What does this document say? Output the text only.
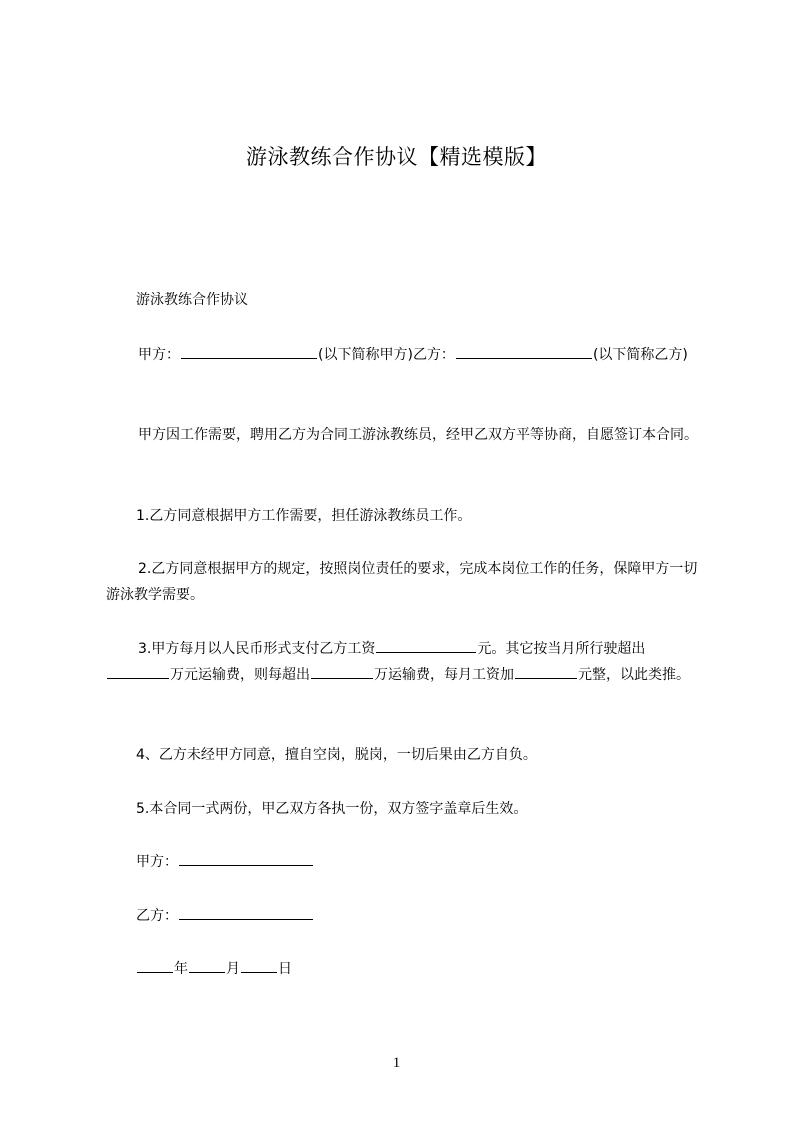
游泳教练合作协议【精选模版】

游泳教练合作协议

甲方：	(以下简称甲方)乙方：	(以下简称乙方)

甲方因工作需要，聘用乙方为合同工游泳教练员，经甲乙双方平等协商，自愿签订本合同。

1.乙方同意根据甲方工作需要，担任游泳教练员工作。

2.乙方同意根据甲方的规定，按照岗位责任的要求，完成本岗位工作的任务，保障甲方一切游泳教学需要。

3.甲方每月以人民币形式支付乙方工资	元。其它按当月所行驶超出万元运输费，则每超出	万运输费，每月工资加	元整，以此类推。

4、乙方未经甲方同意，擅自空岗，脱岗，一切后果由乙方自负。

5.本合同一式两份，甲乙双方各执一份，双方签字盖章后生效。

甲方：

乙方：

年	月	日

1
